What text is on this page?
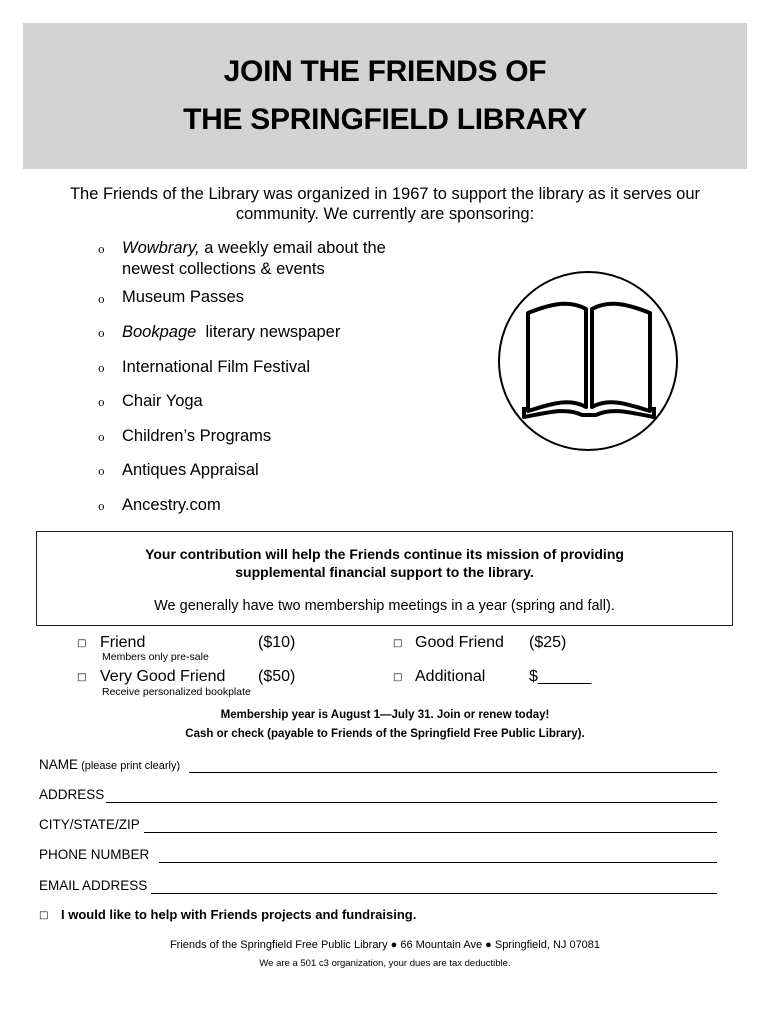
JOIN THE FRIENDS OF
THE SPRINGFIELD LIBRARY
The Friends of the Library was organized in 1967 to support the library as it serves our
community. We currently are sponsoring:
o Wowbrary, a weekly email about the
newest collections & events
o Museum Passes
o Bookpage  literary newspaper
o International Film Festival
o Chair Yoga
o Children’s Programs
o Antiques Appraisal
o Ancestry.com
Your contribution will help the Friends continue its mission of providing
supplemental financial support to the library.
We generally have two membership meetings in a year (spring and fall).
□ Friend	($10)
Members only pre-sale
□ Good Friend ($25)
□ Very Good Friend ($50)
Receive personalized bookplate
□ Additional	$______
Membership year is August 1—July 31. Join or renew today!
Cash or check (payable to Friends of the Springfield Free Public Library).
NAME (please print clearly)
ADDRESS
CITY/STATE/ZIP
PHONE NUMBER
EMAIL ADDRESS
□ I would like to help with Friends projects and fundraising.
Friends of the Springfield Free Public Library ● 66 Mountain Ave ● Springfield, NJ 07081
We are a 501 c3 organization, your dues are tax deductible.
